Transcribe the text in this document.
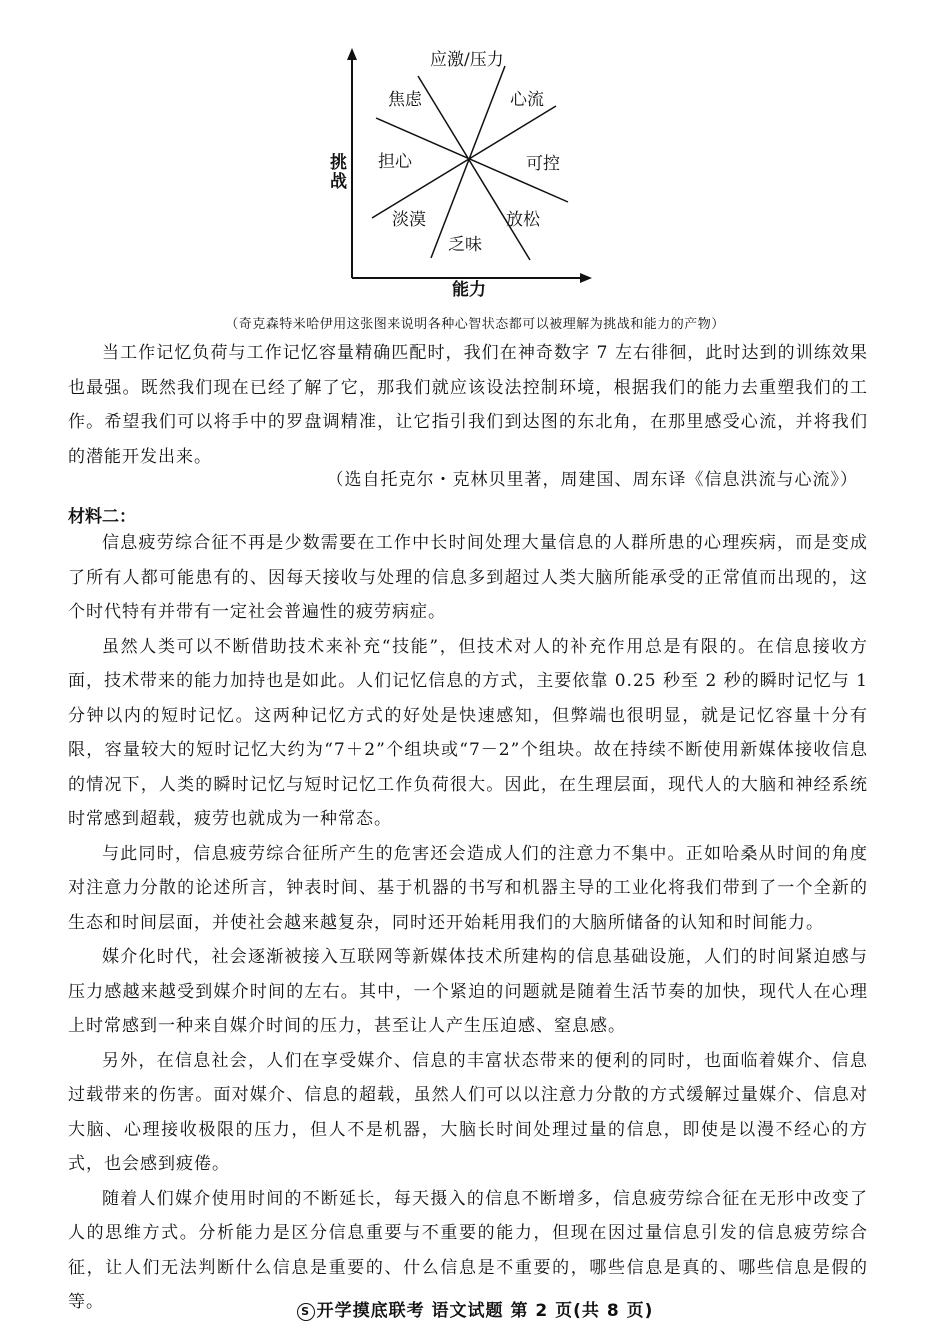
应激/压力
焦虑	心流
担心	可控
淡漠	放松
乏味
挑战
能力
（奇克森特米哈伊用这张图来说明各种心智状态都可以被理解为挑战和能力的产物）

当工作记忆负荷与工作记忆容量精确匹配时，我们在神奇数字 7 左右徘徊，此时达到的训练效果也最强。既然我们现在已经了解了它，那我们就应该设法控制环境，根据我们的能力去重塑我们的工作。希望我们可以将手中的罗盘调精准，让它指引我们到达图的东北角，在那里感受心流，并将我们的潜能开发出来。

（选自托克尔・克林贝里著，周建国、周东译《信息洪流与心流》）
材料二：

信息疲劳综合征不再是少数需要在工作中长时间处理大量信息的人群所患的心理疾病，而是变成了所有人都可能患有的、因每天接收与处理的信息多到超过人类大脑所能承受的正常值而出现的，这个时代特有并带有一定社会普遍性的疲劳病症。

虽然人类可以不断借助技术来补充“技能”，但技术对人的补充作用总是有限的。在信息接收方面，技术带来的能力加持也是如此。人们记忆信息的方式，主要依靠 0.25 秒至 2 秒的瞬时记忆与 1 分钟以内的短时记忆。这两种记忆方式的好处是快速感知，但弊端也很明显，就是记忆容量十分有限，容量较大的短时记忆大约为“7＋2”个组块或“7－2”个组块。故在持续不断使用新媒体接收信息的情况下，人类的瞬时记忆与短时记忆工作负荷很大。因此，在生理层面，现代人的大脑和神经系统时常感到超载，疲劳也就成为一种常态。

与此同时，信息疲劳综合征所产生的危害还会造成人们的注意力不集中。正如哈桑从时间的角度对注意力分散的论述所言，钟表时间、基于机器的书写和机器主导的工业化将我们带到了一个全新的生态和时间层面，并使社会越来越复杂，同时还开始耗用我们的大脑所储备的认知和时间能力。

媒介化时代，社会逐渐被接入互联网等新媒体技术所建构的信息基础设施，人们的时间紧迫感与压力感越来越受到媒介时间的左右。其中，一个紧迫的问题就是随着生活节奏的加快，现代人在心理上时常感到一种来自媒介时间的压力，甚至让人产生压迫感、窒息感。

另外，在信息社会，人们在享受媒介、信息的丰富状态带来的便利的同时，也面临着媒介、信息过载带来的伤害。面对媒介、信息的超载，虽然人们可以以注意力分散的方式缓解过量媒介、信息对大脑、心理接收极限的压力，但人不是机器，大脑长时间处理过量的信息，即使是以漫不经心的方式，也会感到疲倦。

随着人们媒介使用时间的不断延长，每天摄入的信息不断增多，信息疲劳综合征在无形中改变了人的思维方式。分析能力是区分信息重要与不重要的能力，但现在因过量信息引发的信息疲劳综合征，让人们无法判断什么信息是重要的、什么信息是不重要的，哪些信息是真的、哪些信息是假的等。	S 开学摸底联考 语文试题 第 2 页(共 8 页)
